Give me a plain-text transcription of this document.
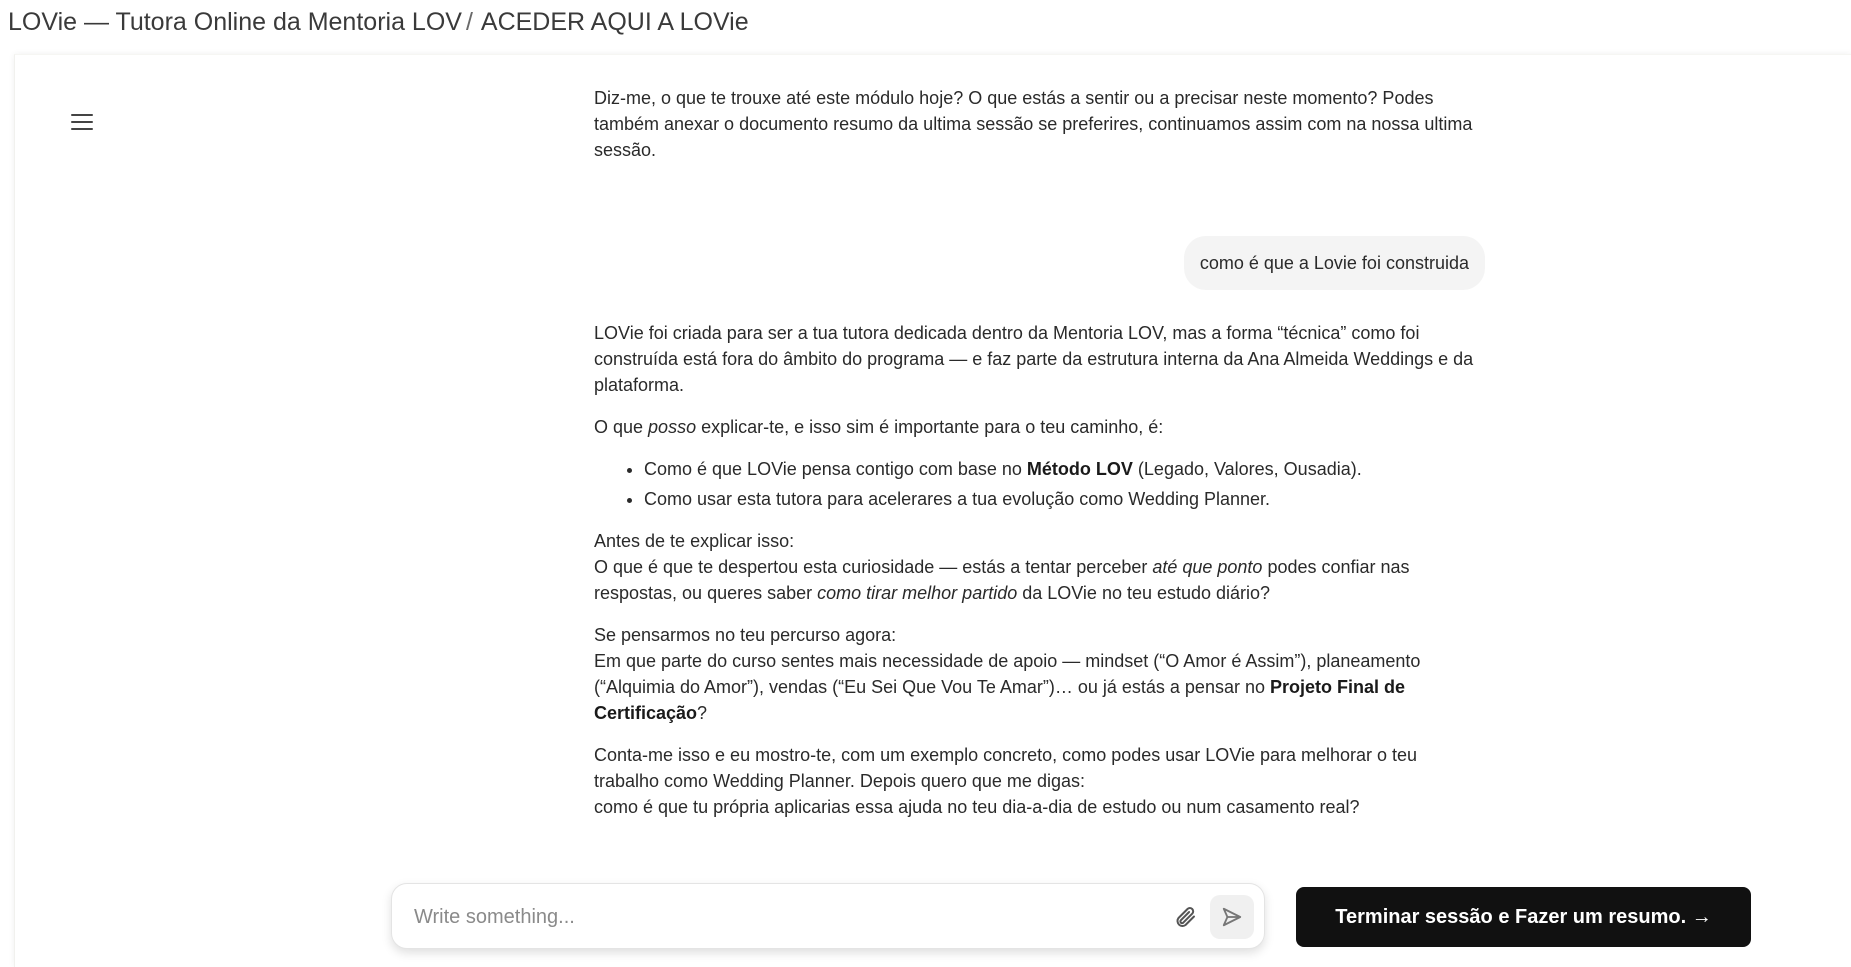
LOVie — Tutora Online da Mentoria LOV / ACEDER AQUI A LOVie

Diz-me, o que te trouxe até este módulo hoje? O que estás a sentir ou a precisar neste momento? Podes também anexar o documento resumo da ultima sessão se preferires, continuamos assim com na nossa ultima sessão.

como é que a Lovie foi construida

LOVie foi criada para ser a tua tutora dedicada dentro da Mentoria LOV, mas a forma “técnica” como foi construída está fora do âmbito do programa — e faz parte da estrutura interna da Ana Almeida Weddings e da plataforma.

O que posso explicar-te, e isso sim é importante para o teu caminho, é:

• Como é que LOVie pensa contigo com base no Método LOV (Legado, Valores, Ousadia).
• Como usar esta tutora para acelerares a tua evolução como Wedding Planner.

Antes de te explicar isso:
O que é que te despertou esta curiosidade — estás a tentar perceber até que ponto podes confiar nas respostas, ou queres saber como tirar melhor partido da LOVie no teu estudo diário?

Se pensarmos no teu percurso agora:
Em que parte do curso sentes mais necessidade de apoio — mindset (“O Amor é Assim”), planeamento (“Alquimia do Amor”), vendas (“Eu Sei Que Vou Te Amar”)… ou já estás a pensar no Projeto Final de Certificação?

Conta-me isso e eu mostro-te, com um exemplo concreto, como podes usar LOVie para melhorar o teu trabalho como Wedding Planner. Depois quero que me digas:
como é que tu própria aplicarias essa ajuda no teu dia-a-dia de estudo ou num casamento real?

Write something...
Terminar sessão e Fazer um resumo. →
